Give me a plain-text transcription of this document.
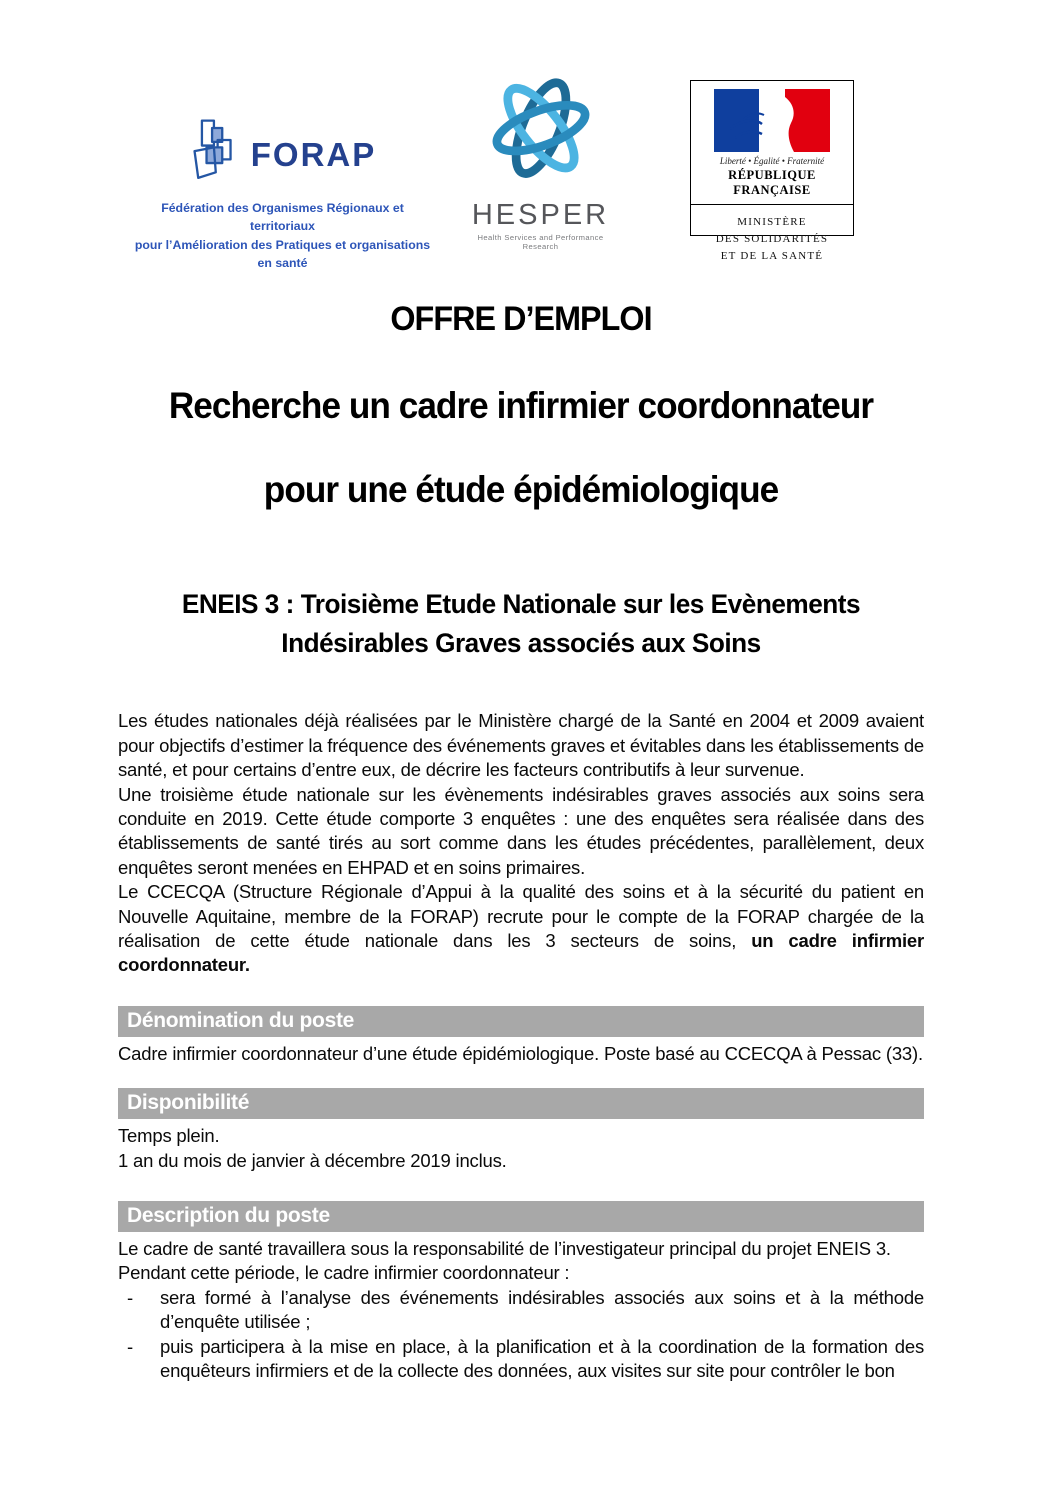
FORAP
Fédération des Organismes Régionaux et territoriaux
pour l’Amélioration des Pratiques et organisations en santé
HESPER
Health Services and Performance Research
Liberté • Égalité • Fraternité
RÉPUBLIQUE FRANÇAISE
MINISTÈRE
DES SOLIDARITÉS
ET DE LA SANTÉ
OFFRE D’EMPLOI
Recherche un cadre infirmier coordonnateur
pour une étude épidémiologique
ENEIS 3 : Troisième Etude Nationale sur les Evènements
Indésirables Graves associés aux Soins

Les études nationales déjà réalisées par le Ministère chargé de la Santé en 2004 et 2009 avaient pour objectifs d’estimer la fréquence des événements graves et évitables dans les établissements de santé, et pour certains d’entre eux, de décrire les facteurs contributifs à leur survenue.

Une troisième étude nationale sur les évènements indésirables graves associés aux soins sera conduite en 2019. Cette étude comporte 3 enquêtes : une des enquêtes sera réalisée dans des établissements de santé tirés au sort comme dans les études précédentes, parallèlement, deux enquêtes seront menées en EHPAD et en soins primaires.

Le CCECQA (Structure Régionale d’Appui à la qualité des soins et à la sécurité du patient en Nouvelle Aquitaine, membre de la FORAP) recrute pour le compte de la FORAP chargée de la réalisation de cette étude nationale dans les 3 secteurs de soins, un cadre infirmier coordonnateur.

Dénomination du poste

Cadre infirmier coordonnateur d’une étude épidémiologique. Poste basé au CCECQA à Pessac (33).

Disponibilité

Temps plein.

1 an du mois de janvier à décembre 2019 inclus.

Description du poste

Le cadre de santé travaillera sous la responsabilité de l’investigateur principal du projet ENEIS 3.

Pendant cette période, le cadre infirmier coordonnateur :

-	sera formé à l’analyse des événements indésirables associés aux soins et à la méthode d’enquête utilisée ;
-	puis participera à la mise en place, à la planification et à la coordination de la formation des enquêteurs infirmiers et de la collecte des données, aux visites sur site pour contrôler le bon
